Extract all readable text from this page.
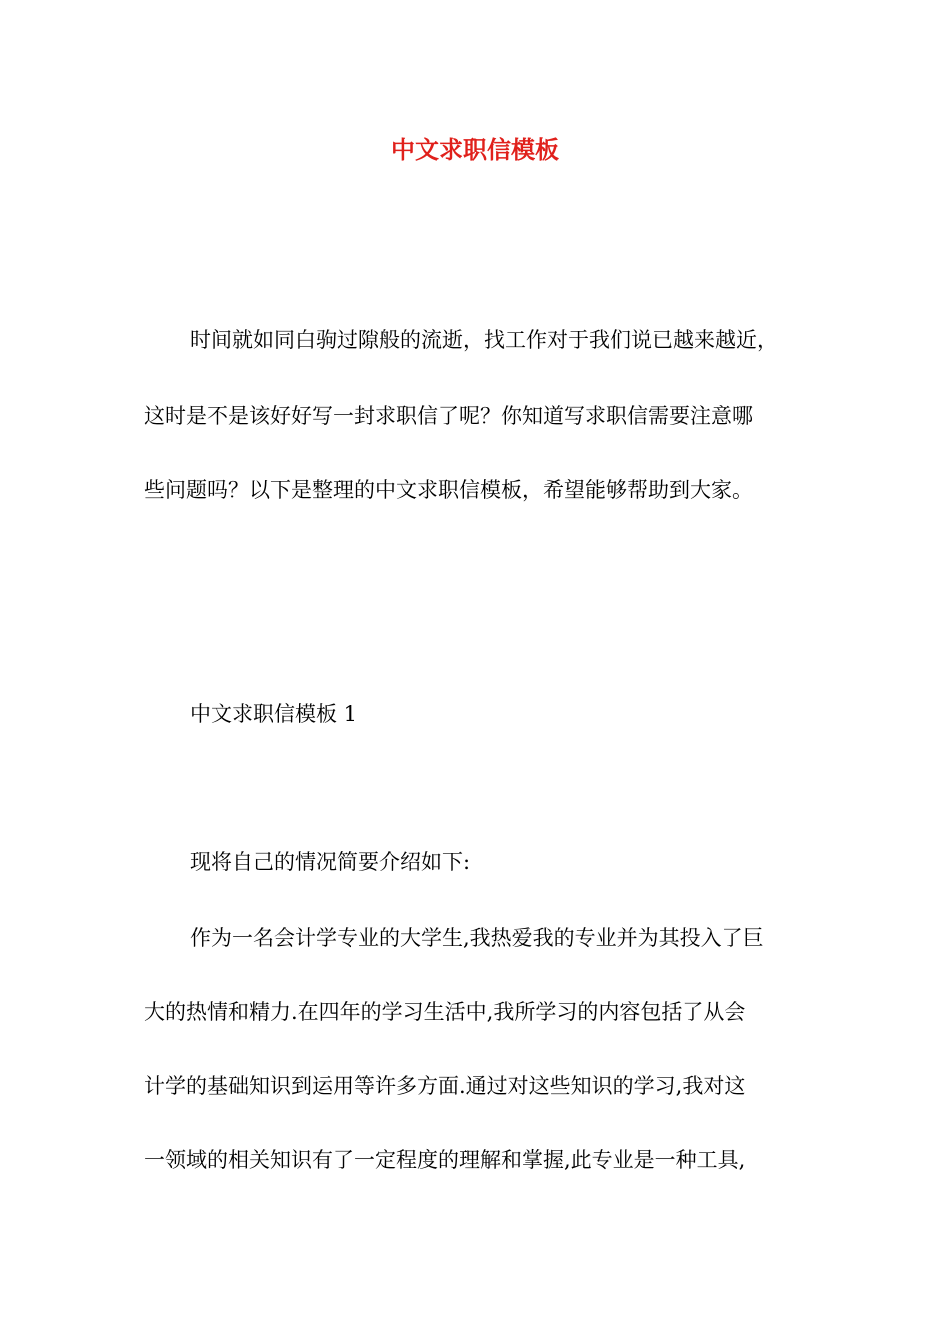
中文求职信模板

时间就如同白驹过隙般的流逝，找工作对于我们说已越来越近，

这时是不是该好好写一封求职信了呢？你知道写求职信需要注意哪

些问题吗？以下是整理的中文求职信模板，希望能够帮助到大家。

中文求职信模板 1

现将自己的情况简要介绍如下:

作为一名会计学专业的大学生,我热爱我的专业并为其投入了巨

大的热情和精力.在四年的学习生活中,我所学习的内容包括了从会

计学的基础知识到运用等许多方面.通过对这些知识的学习,我对这

一领域的相关知识有了一定程度的理解和掌握,此专业是一种工具,
